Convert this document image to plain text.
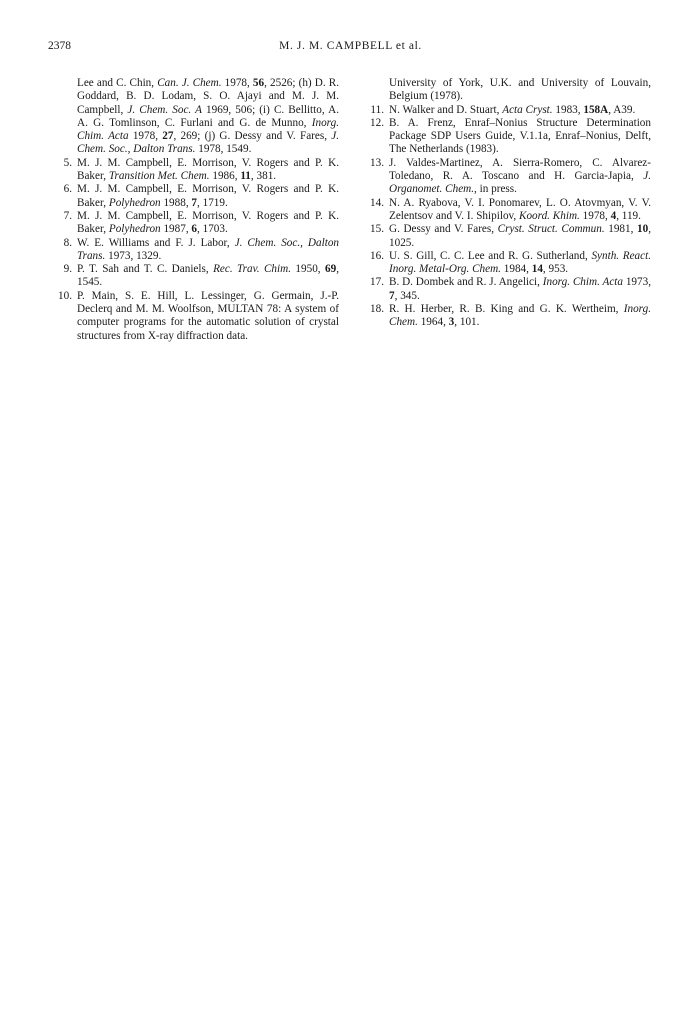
2378	M. J. M. CAMPBELL et al.
Lee and C. Chin, Can. J. Chem. 1978, 56, 2526; (h) D. R. Goddard, B. D. Lodam, S. O. Ajayi and M. J. M. Campbell, J. Chem. Soc. A 1969, 506; (i) C. Bellitto, A. A. G. Tomlinson, C. Furlani and G. de Munno, Inorg. Chim. Acta 1978, 27, 269; (j) G. Dessy and V. Fares, J. Chem. Soc., Dalton Trans. 1978, 1549.
5. M. J. M. Campbell, E. Morrison, V. Rogers and P. K. Baker, Transition Met. Chem. 1986, 11, 381.
6. M. J. M. Campbell, E. Morrison, V. Rogers and P. K. Baker, Polyhedron 1988, 7, 1719.
7. M. J. M. Campbell, E. Morrison, V. Rogers and P. K. Baker, Polyhedron 1987, 6, 1703.
8. W. E. Williams and F. J. Labor, J. Chem. Soc., Dalton Trans. 1973, 1329.
9. P. T. Sah and T. C. Daniels, Rec. Trav. Chim. 1950, 69, 1545.
10. P. Main, S. E. Hill, L. Lessinger, G. Germain, J.-P. Declerq and M. M. Woolfson, MULTAN 78: A system of computer programs for the automatic solution of crystal structures from X-ray diffraction data.
University of York, U.K. and University of Louvain, Belgium (1978).
11. N. Walker and D. Stuart, Acta Cryst. 1983, 158A, A39.
12. B. A. Frenz, Enraf–Nonius Structure Determination Package SDP Users Guide, V.1.1a, Enraf–Nonius, Delft, The Netherlands (1983).
13. J. Valdes-Martinez, A. Sierra-Romero, C. Alvarez-Toledano, R. A. Toscano and H. Garcia-Japia, J. Organomet. Chem., in press.
14. N. A. Ryabova, V. I. Ponomarev, L. O. Atovmyan, V. V. Zelentsov and V. I. Shipilov, Koord. Khim. 1978, 4, 119.
15. G. Dessy and V. Fares, Cryst. Struct. Commun. 1981, 10, 1025.
16. U. S. Gill, C. C. Lee and R. G. Sutherland, Synth. React. Inorg. Metal-Org. Chem. 1984, 14, 953.
17. B. D. Dombek and R. J. Angelici, Inorg. Chim. Acta 1973, 7, 345.
18. R. H. Herber, R. B. King and G. K. Wertheim, Inorg. Chem. 1964, 3, 101.
